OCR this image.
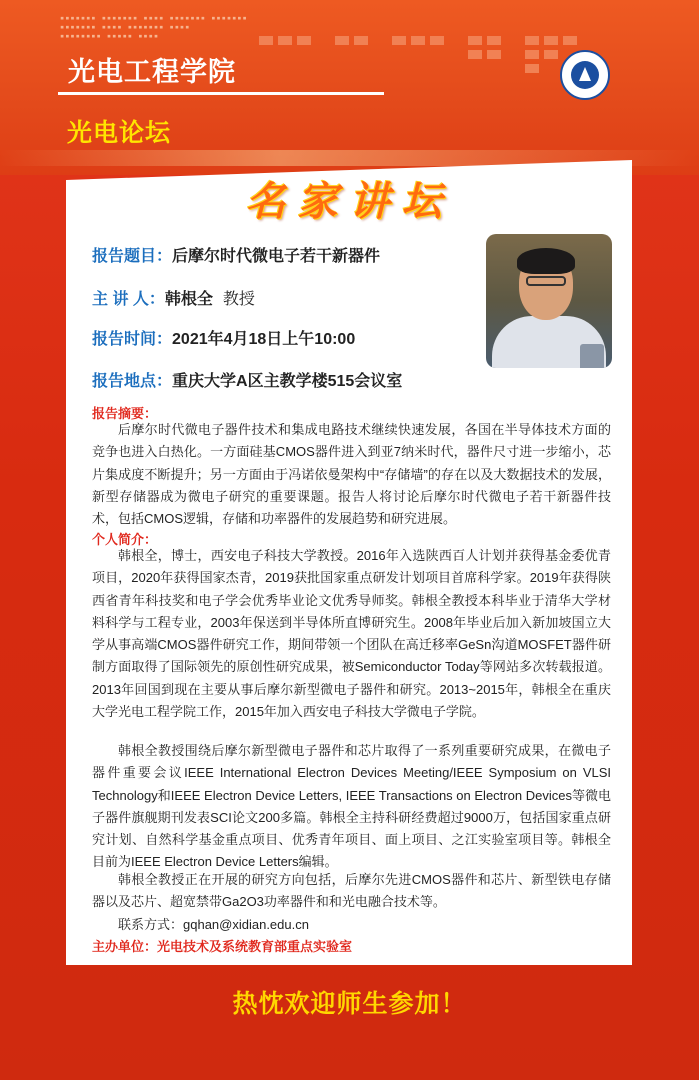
▪▪▪▪▪▪▪ ▪▪▪▪▪▪▪ ▪▪▪▪ ▪▪▪▪▪▪▪ ▪▪▪▪▪▪▪
▪▪▪▪▪▪▪ ▪▪▪▪ ▪▪▪▪▪▪▪ ▪▪▪▪
▪▪▪▪▪▪▪▪ ▪▪▪▪▪ ▪▪▪▪
光电工程学院
光电论坛
名家讲坛
报告题目：后摩尔时代微电子若干新器件
主 讲 人：韩根全 教授
报告时间：2021年4月18日上午10:00
报告地点：重庆大学A区主教学楼515会议室
报告摘要：

后摩尔时代微电子器件技术和集成电路技术继续快速发展，各国在半导体技术方面的竞争也进入白热化。一方面硅基CMOS器件进入到亚7纳米时代，器件尺寸进一步缩小，芯片集成度不断提升；另一方面由于冯诺依曼架构中“存储墙”的存在以及大数据技术的发展，新型存储器成为微电子研究的重要课题。报告人将讨论后摩尔时代微电子若干新器件技术，包括CMOS逻辑，存储和功率器件的发展趋势和研究进展。

个人简介：

韩根全，博士，西安电子科技大学教授。2016年入选陕西百人计划并获得基金委优青项目，2020年获得国家杰青，2019获批国家重点研发计划项目首席科学家。2019年获得陕西省青年科技奖和电子学会优秀毕业论文优秀导师奖。韩根全教授本科毕业于清华大学材料科学与工程专业，2003年保送到半导体所直博研究生。2008年毕业后加入新加坡国立大学从事高端CMOS器件研究工作，期间带领一个团队在高迁移率GeSn沟道MOSFET器件研制方面取得了国际领先的原创性研究成果，被Semiconductor Today等网站多次转载报道。2013年回国到现在主要从事后摩尔新型微电子器件和研究。2013~2015年，韩根全在重庆大学光电工程学院工作，2015年加入西安电子科技大学微电子学院。

韩根全教授围绕后摩尔新型微电子器件和芯片取得了一系列重要研究成果，在微电子器件重要会议IEEE International Electron Devices Meeting/IEEE Symposium on VLSI Technology和IEEE Electron Device Letters, IEEE Transactions on Electron Devices等微电子器件旗舰期刊发表SCI论文200多篇。韩根全主持科研经费超过9000万，包括国家重点研究计划、自然科学基金重点项目、优秀青年项目、面上项目、之江实验室项目等。韩根全目前为IEEE Electron Device Letters编辑。

韩根全教授正在开展的研究方向包括，后摩尔先进CMOS器件和芯片、新型铁电存储器以及芯片、超宽禁带Ga2O3功率器件和和光电融合技术等。

联系方式：gqhan@xidian.edu.cn
主办单位：光电技术及系统教育部重点实验室
热忱欢迎师生参加！
